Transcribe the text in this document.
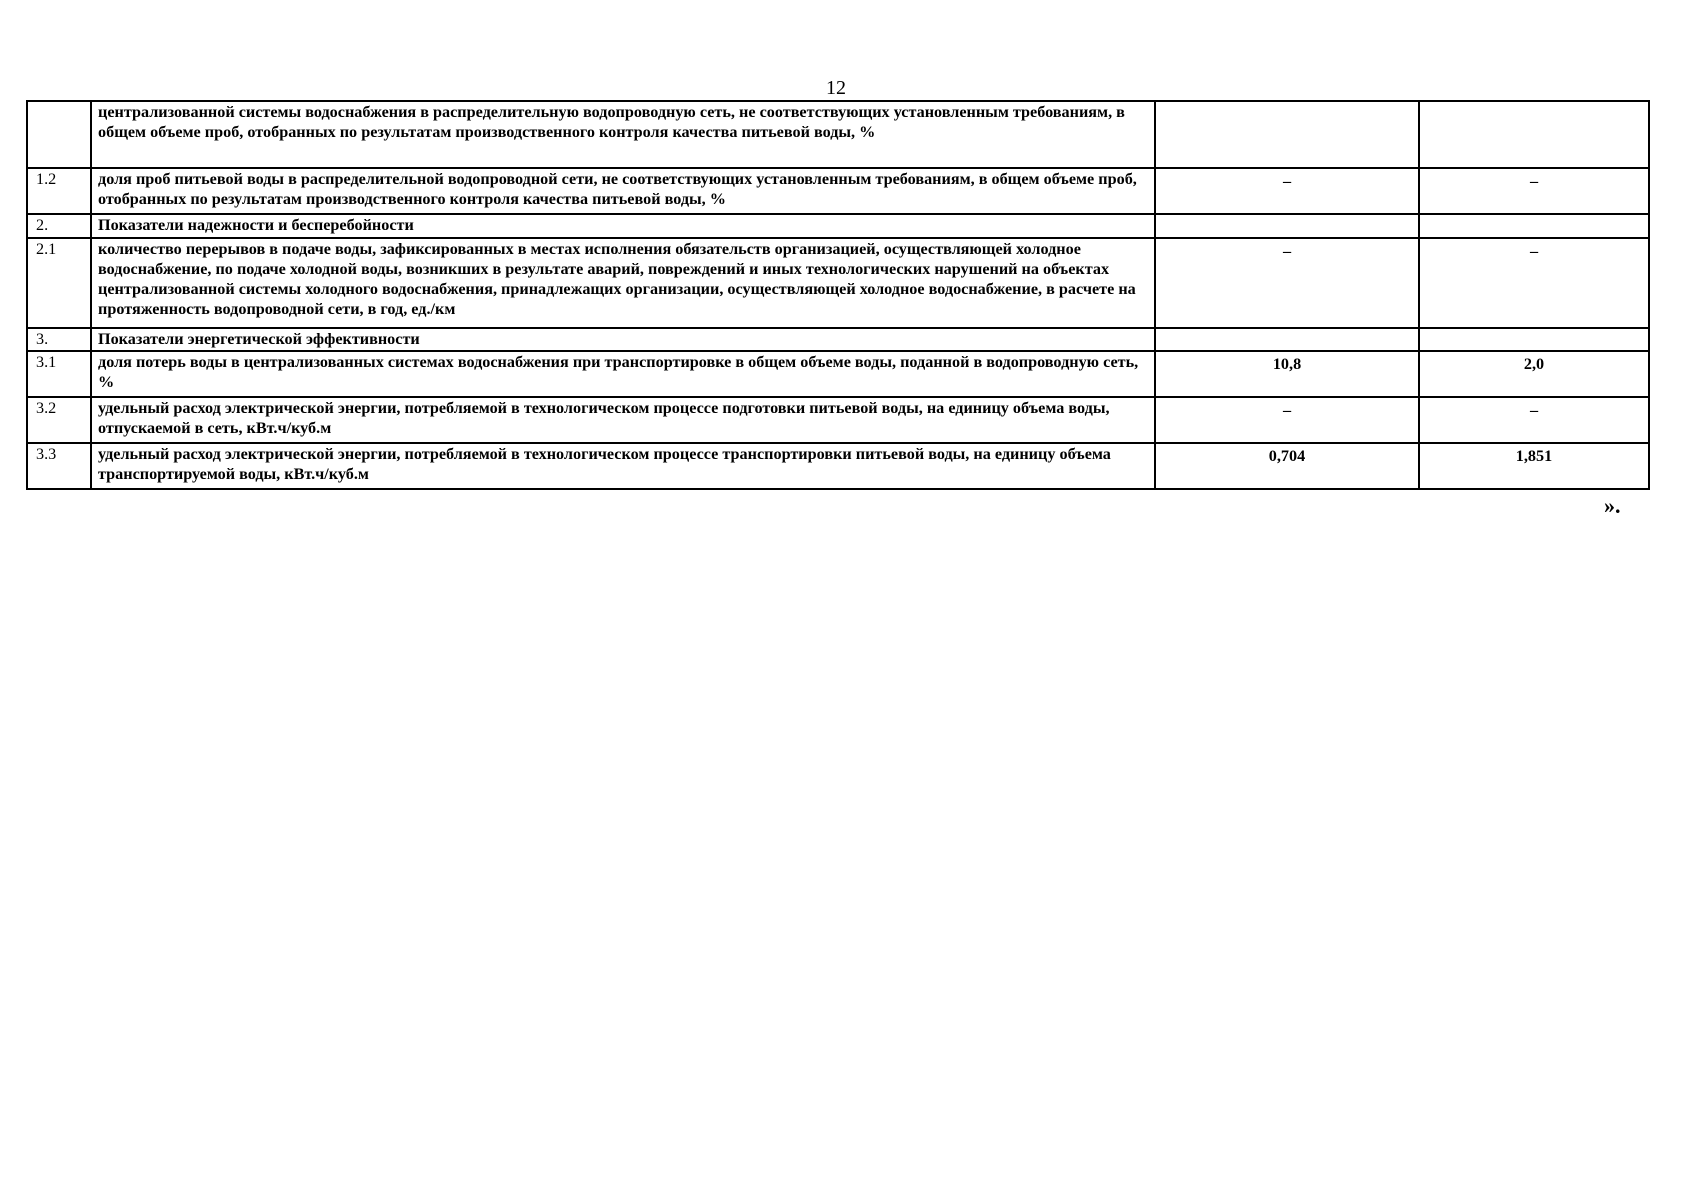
12
	централизованной системы водоснабжения в распределительную водопроводную сеть, не соответствующих установленным требованиям, в общем объеме проб, отобранных по результатам производственного контроля качества питьевой воды, %		
1.2	доля проб питьевой воды в распределительной водопроводной сети, не соответствующих установленным требованиям, в общем объеме проб, отобранных по результатам производственного контроля качества питьевой воды, %	–	–
2.	Показатели надежности и бесперебойности		
2.1	количество перерывов в подаче воды, зафиксированных в местах исполнения обязательств организацией, осуществляющей холодное водоснабжение, по подаче холодной воды, возникших в результате аварий, повреждений и иных технологических нарушений на объектах централизованной системы холодного водоснабжения, принадлежащих организации, осуществляющей холодное водоснабжение, в расчете на протяженность водопроводной сети, в год, ед./км	–	–
3.	Показатели энергетической эффективности		
3.1	доля потерь воды в централизованных системах водоснабжения при транспортировке в общем объеме воды, поданной в водопроводную сеть, %	10,8	2,0
3.2	удельный расход электрической энергии, потребляемой в технологическом процессе подготовки питьевой воды, на единицу объема воды, отпускаемой в сеть, кВт.ч/куб.м	–	–
3.3	удельный расход электрической энергии, потребляемой в технологическом процессе транспортировки питьевой воды, на единицу объема транспортируемой воды, кВт.ч/куб.м	0,704	1,851
».
